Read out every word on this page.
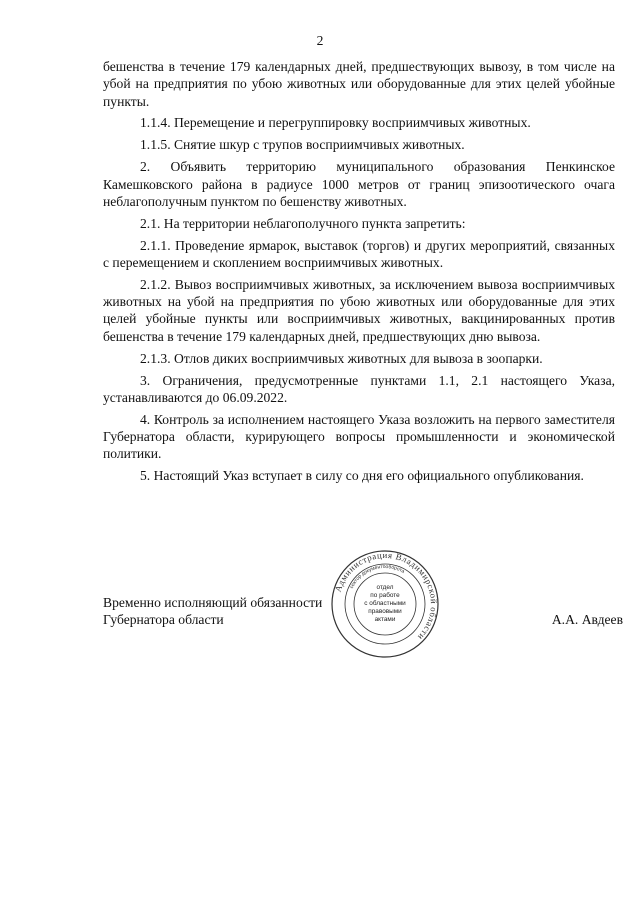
2

бешенства в течение 179 календарных дней, предшествующих вывозу, в том числе на убой на предприятия по убою животных или оборудованные для этих целей убойные пункты.

1.1.4. Перемещение и перегруппировку восприимчивых животных.

1.1.5. Снятие шкур с трупов восприимчивых животных.

2. Объявить территорию муниципального образования Пенкинское Камешковского района в радиусе 1000 метров от границ эпизоотического очага неблагополучным пунктом по бешенству животных.

2.1. На территории неблагополучного пункта запретить:

2.1.1. Проведение ярмарок, выставок (торгов) и других мероприятий, связанных с перемещением и скоплением восприимчивых животных.

2.1.2. Вывоз восприимчивых животных, за исключением вывоза восприимчивых животных на убой на предприятия по убою животных или оборудованные для этих целей убойные пункты или восприимчивых животных, вакцинированных против бешенства в течение 179 календарных дней, предшествующих дню вывоза.

2.1.3. Отлов диких восприимчивых животных для вывоза в зоопарки.

3. Ограничения, предусмотренные пунктами 1.1, 2.1 настоящего Указа, устанавливаются до 06.09.2022.

4. Контроль за исполнением настоящего Указа возложить на первого заместителя Губернатора области, курирующего вопросы промышленности и экономической политики.

5. Настоящий Указ вступает в силу со дня его официального опубликования.

Временно исполняющий обязанности
Губернатора области	А.А. Авдеев
Администрация Владимирской области
сектор документооборота
отдел
по работе
с областными
правовыми
актами
